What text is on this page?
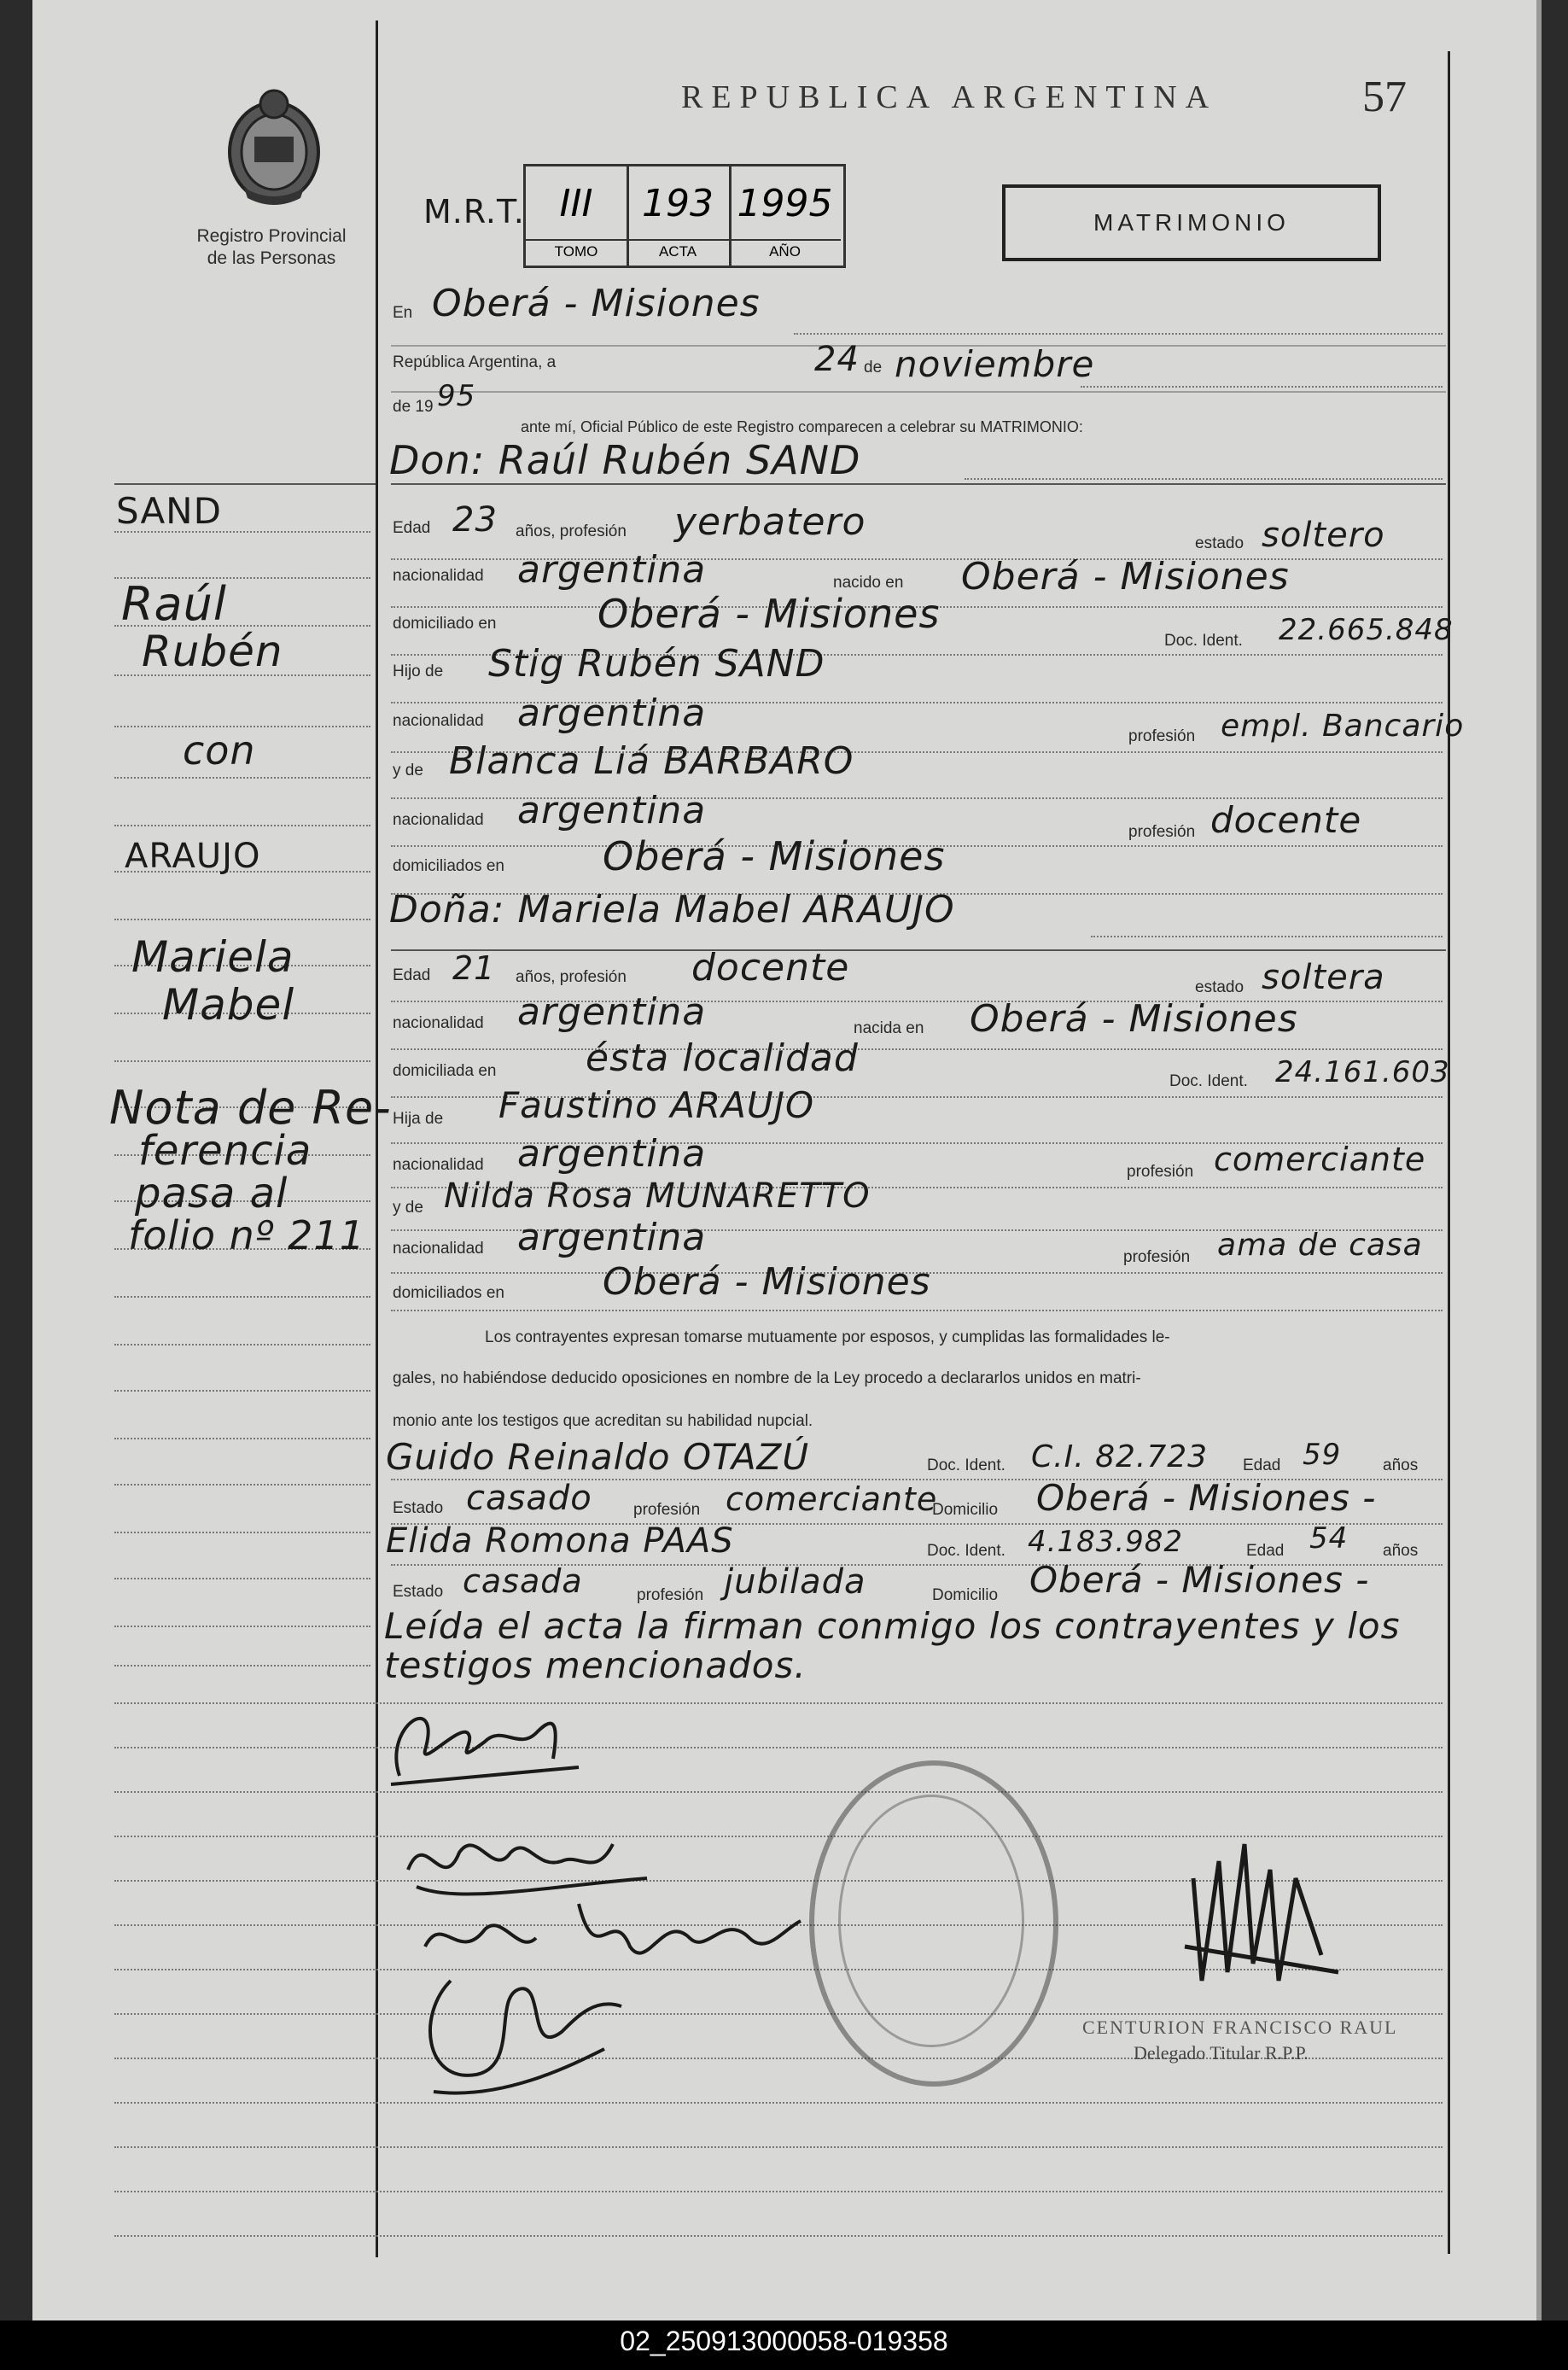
Registro Provincial
de las Personas
REPUBLICA ARGENTINA	57
MATRIMONIO
M.R.T. III
TOMO
193
ACTA
1995
AÑO
En Oberá - Misiones
República Argentina, a	24 de noviembre
de 19 95
ante mí, Oficial Público de este Registro comparecen a celebrar su MATRIMONIO:
Don: Raúl Rubén SAND
Edad 23 años, profesión yerbatero	estado soltero
nacionalidad argentina	nacido en Oberá - Misiones
domiciliado en	Oberá - Misiones
Doc. Ident. 22.665.848
Hijo de Stig Rubén SAND
nacionalidad argentina
profesión empl. Bancario
y de Blanca Liá BARBARO
nacionalidad argentina	profesión docente
domiciliados en	Oberá - Misiones
Doña: Mariela Mabel ARAUJO
Edad 21 años, profesión docente	estado soltera
nacionalidad argentina	nacida en Oberá - Misiones
domiciliada en ésta localidad
Doc. Ident. 24.161.603
Hija de Faustino ARAUJO
nacionalidad argentina	profesión comerciante
y de Nilda Rosa MUNARETTO
nacionalidad argentina	profesión ama de casa
domiciliados en	Oberá - Misiones
Los contrayentes expresan tomarse mutuamente por esposos, y cumplidas las formalidades le-
gales, no habiéndose deducido oposiciones en nombre de la Ley procedo a declararlos unidos en matri-
monio ante los testigos que acreditan su habilidad nupcial.
Guido Reinaldo OTAZÚ	Doc. Ident. C.I. 82.723 Edad 59	años
Estado casado	profesión comerciante
Domicilio Oberá - Misiones -
Elida Romona PAAS	Doc. Ident. 4.183.982	Edad 54 años
Estado casada	profesión jubilada	Domicilio Oberá - Misiones -
Leída el acta la firman conmigo los contrayentes y los
testigos mencionados.
SAND
Raúl
Rubén
con
ARAUJO
Mariela
Mabel
Nota de Re-
ferencia
pasa al
folio nº 211
CENTURION FRANCISCO RAUL
Delegado Titular R.P.P.
02_250913000058-019358
